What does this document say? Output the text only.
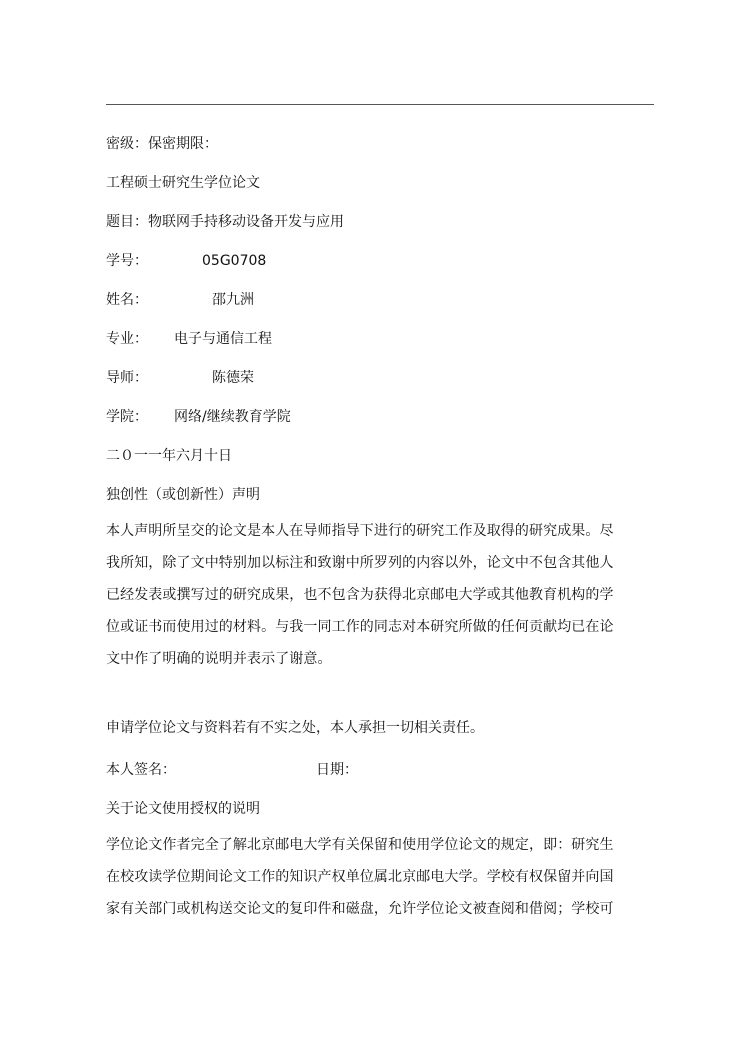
密级：保密期限：
工程硕士研究生学位论文
题目：物联网手持移动设备开发与应用
学号：	05G0708
姓名：	邵九洲
专业： 电子与通信工程
导师：	陈德荣
学院： 网络/继续教育学院
二０一一年六月十日
独创性（或创新性）声明
本人声明所呈交的论文是本人在导师指导下进行的研究工作及取得的研究成果。尽
我所知，除了文中特别加以标注和致谢中所罗列的内容以外，论文中不包含其他人
已经发表或撰写过的研究成果，也不包含为获得北京邮电大学或其他教育机构的学
位或证书而使用过的材料。与我一同工作的同志对本研究所做的任何贡献均已在论
文中作了明确的说明并表示了谢意。
申请学位论文与资料若有不实之处，本人承担一切相关责任。
本人签名：	日期：
关于论文使用授权的说明
学位论文作者完全了解北京邮电大学有关保留和使用学位论文的规定，即：研究生
在校攻读学位期间论文工作的知识产权单位属北京邮电大学。学校有权保留并向国
家有关部门或机构送交论文的复印件和磁盘，允许学位论文被查阅和借阅；学校可
